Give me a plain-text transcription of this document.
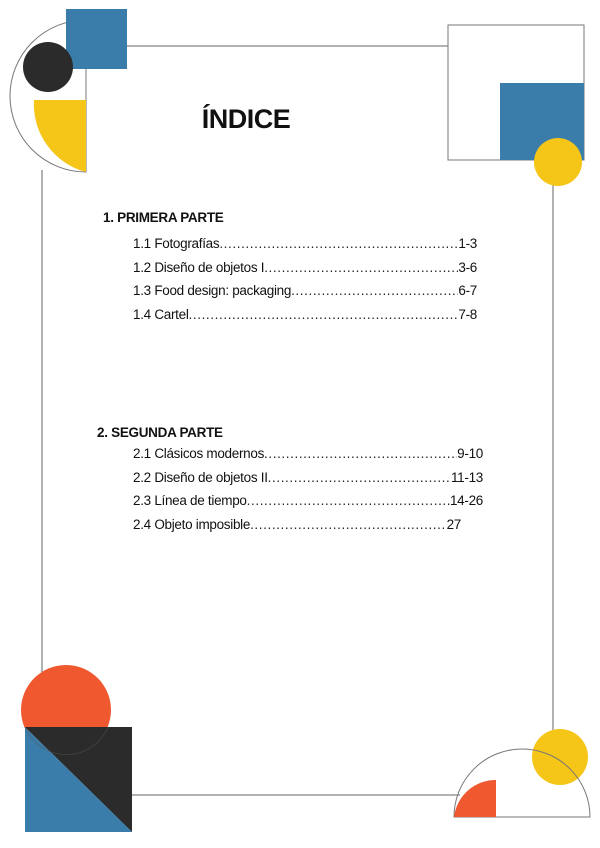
ÍNDICE
1. PRIMERA PARTE
1.1 Fotografías .....	1-3
1.2 Diseño de objetos I .....	3-6
1.3 Food design: packaging .....	6-7
1.4 Cartel .....	7-8
2. SEGUNDA PARTE
2.1 Clásicos modernos .....	9-10
2.2 Diseño de objetos II .....	11-13
2.3 Línea de tiempo .....	14-26
2.4 Objeto imposible .....	27
